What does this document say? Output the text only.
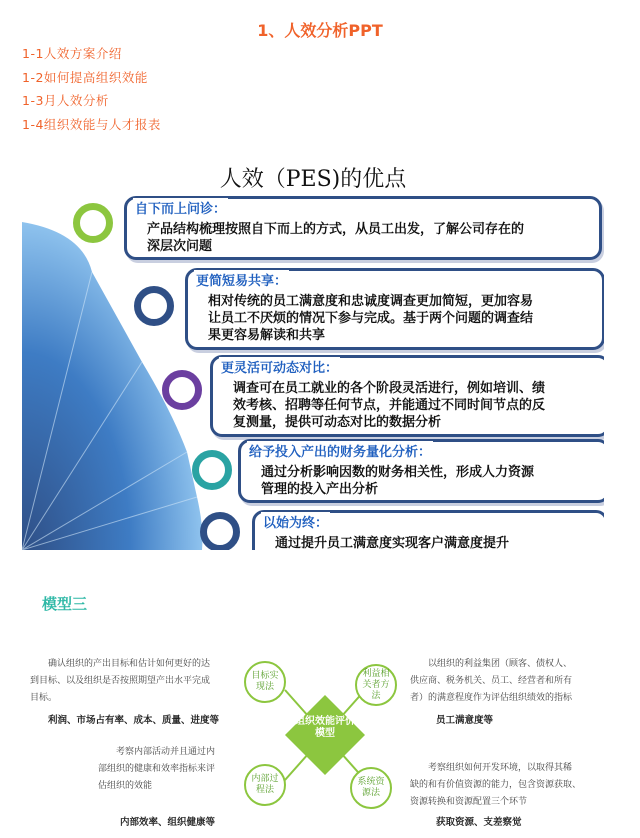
1、人效分析PPT
1-1人效方案介绍
1-2如何提高组织效能
1-3月人效分析
1-4组织效能与人才报表
人效（PES)的优点
自下而上问诊：
产品结构梳理按照自下而上的方式，从员工出发，了解公司存在的
深层次问题
更简短易共享：
相对传统的员工满意度和忠诚度调查更加简短，更加容易
让员工不厌烦的情况下参与完成。基于两个问题的调查结
果更容易解读和共享
更灵活可动态对比：
调查可在员工就业的各个阶段灵活进行，例如培训、绩
效考核、招聘等任何节点，并能通过不同时间节点的反
复测量，提供可动态对比的数据分析
给予投入产出的财务量化分析：
通过分析影响因数的财务相关性，形成人力资源
管理的投入产出分析
以始为终：
通过提升员工满意度实现客户满意度提升
模型三
确认组织的产出目标和估计如何更好的达
到目标、以及组织是否按照期望产出水平完成
目标。
利润、市场占有率、成本、质量、进度等
以组织的利益集团（顾客、债权人、
供应商、税务机关、员工、经营者和所有
者）的满意程度作为评估组织绩效的指标
员工满意度等
考察内部活动并且通过内
部组织的健康和效率指标来评
估组织的效能
内部效率、组织健康等
考察组织如何开发环境，以取得其稀
缺的和有价值资源的能力，包含资源获取、
资源转换和资源配置三个环节
获取资源、支差察觉
组织效能评价模型
目标实现法
利益相关者方法
内部过程法
系统资源法
